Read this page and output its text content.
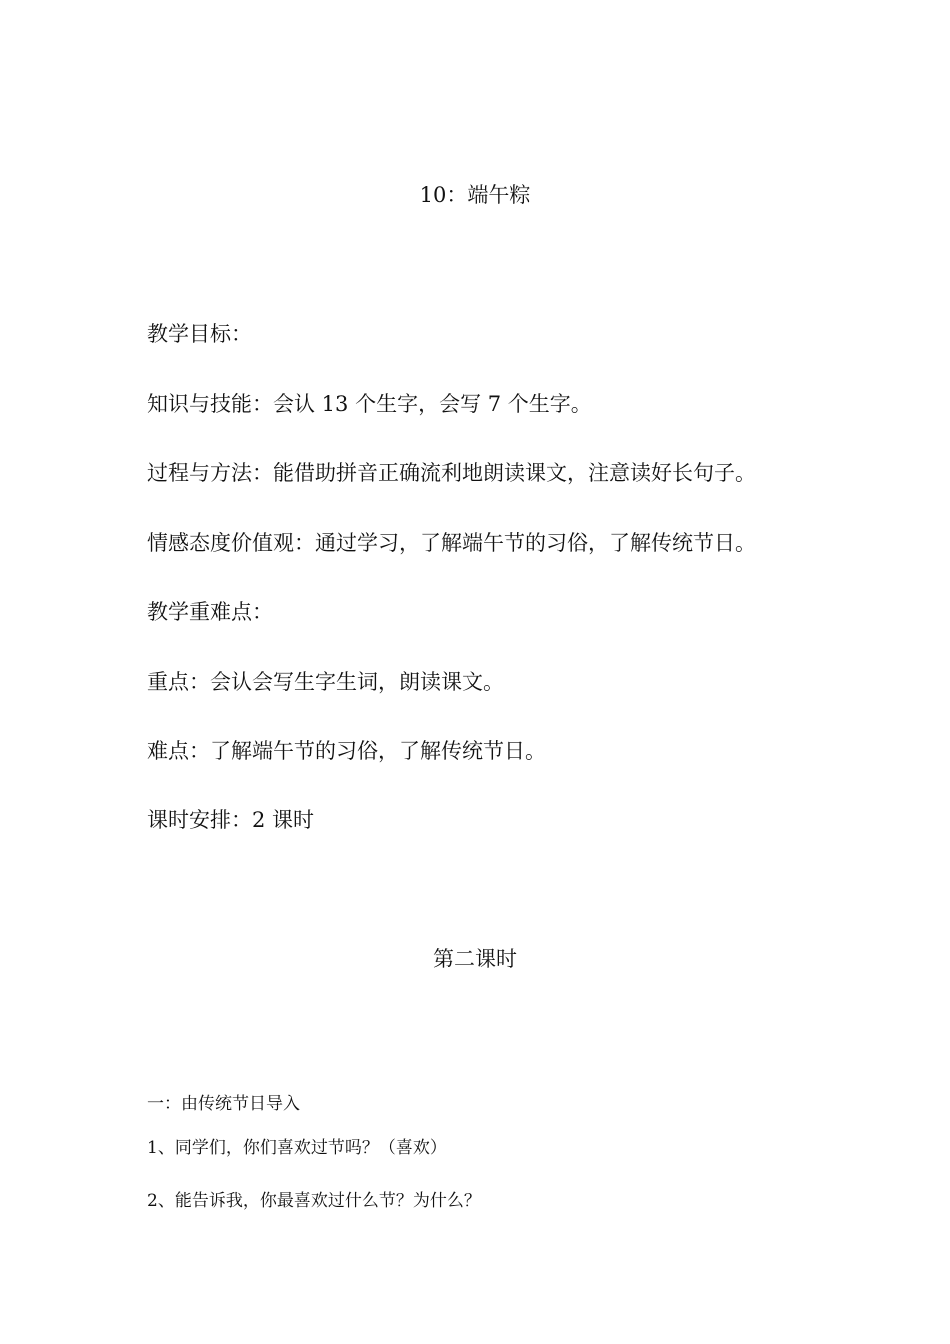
10：端午粽
教学目标：
知识与技能：会认 13 个生字，会写 7 个生字。
过程与方法：能借助拼音正确流利地朗读课文，注意读好长句子。
情感态度价值观：通过学习，了解端午节的习俗，了解传统节日。
教学重难点：
重点：会认会写生字生词，朗读课文。
难点：了解端午节的习俗，了解传统节日。
课时安排：2 课时
第二课时
一：由传统节日导入
1、同学们，你们喜欢过节吗？（喜欢）
2、能告诉我，你最喜欢过什么节？为什么？
